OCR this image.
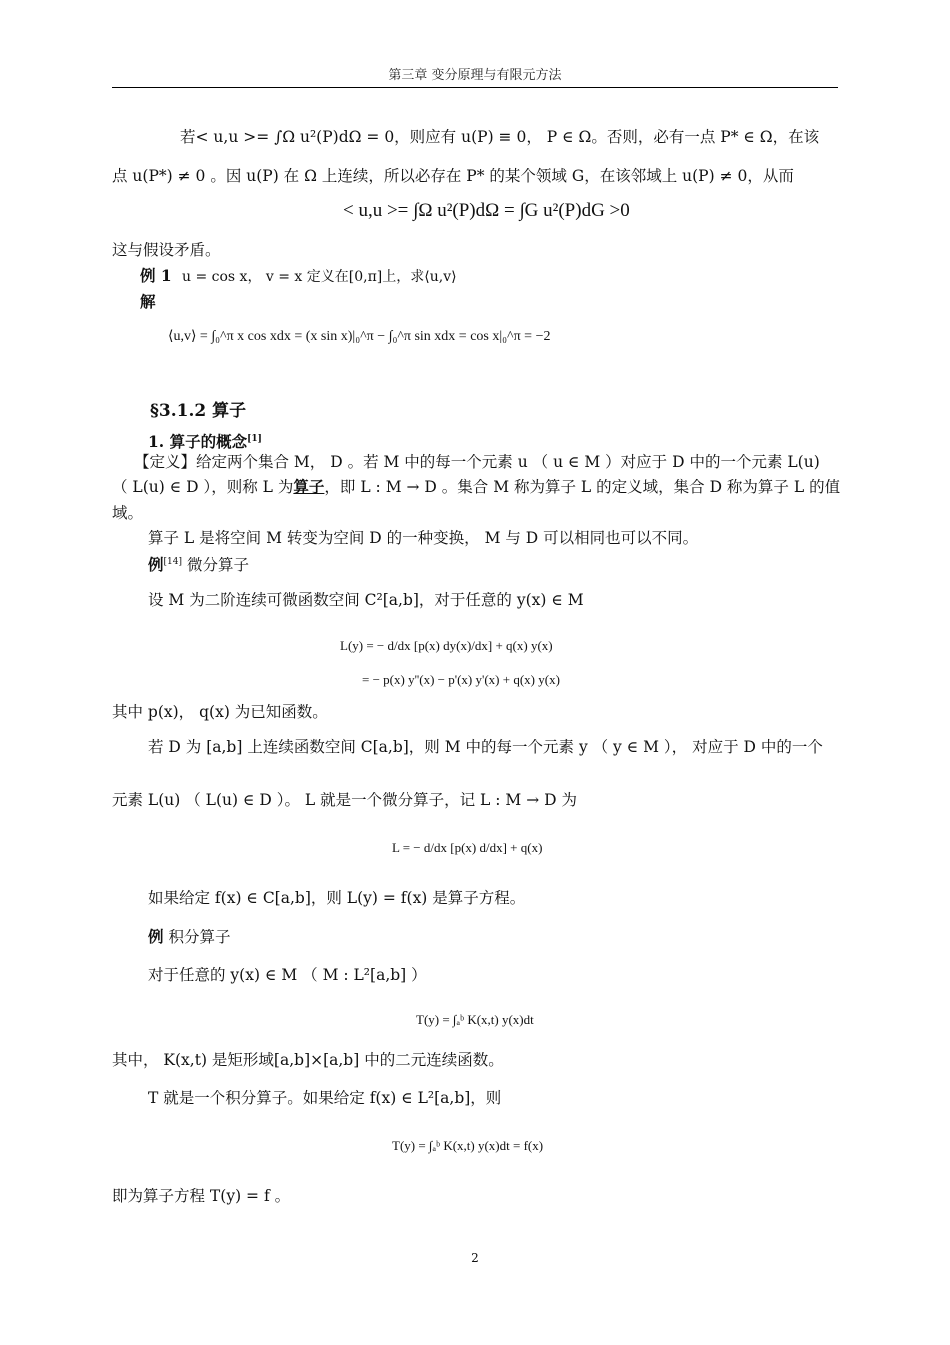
第三章 变分原理与有限元方法
若< u,u >= ∫Ω u²(P)dΩ = 0，则应有 u(P) ≡ 0， P ∈ Ω。否则，必有一点 P* ∈ Ω，在该
点 u(P*) ≠ 0 。因 u(P) 在 Ω 上连续，所以必存在 P* 的某个领域 G，在该邻域上 u(P) ≠ 0，从而
< u,u >= ∫Ω u²(P)dΩ = ∫G u²(P)dG >0
这与假设矛盾。
例 1 u = cos x， v = x 定义在[0,π]上，求⟨u,v⟩
解
⟨u,v⟩ = ∫₀^π x cos xdx = (x sin x)|₀^π − ∫₀^π sin xdx = cos x|₀^π = −2
§3.1.2 算子
1. 算子的概念[1]
【定义】给定两个集合 M， D 。若 M 中的每一个元素 u （ u ∈ M ）对应于 D 中的一个元素 L(u)
（ L(u) ∈ D ），则称 L 为算子，即 L : M → D 。集合 M 称为算子 L 的定义域，集合 D 称为算子 L 的值
域。
算子 L 是将空间 M 转变为空间 D 的一种变换， M 与 D 可以相同也可以不同。
例[14] 微分算子
设 M 为二阶连续可微函数空间 C²[a,b]，对于任意的 y(x) ∈ M
L(y) = − d/dx [p(x) dy(x)/dx] + q(x) y(x)
= − p(x) y''(x) − p'(x) y'(x) + q(x) y(x)
其中 p(x)， q(x) 为已知函数。
若 D 为 [a,b] 上连续函数空间 C[a,b]，则 M 中的每一个元素 y （ y ∈ M ）， 对应于 D 中的一个
元素 L(u) （ L(u) ∈ D ）。 L 就是一个微分算子，记 L : M → D 为
L = − d/dx [p(x) d/dx] + q(x)
如果给定 f(x) ∈ C[a,b]，则 L(y) = f(x) 是算子方程。
例 积分算子
对于任意的 y(x) ∈ M （ M : L²[a,b] ）
T(y) = ∫ₐᵇ K(x,t) y(x)dt
其中， K(x,t) 是矩形域[a,b]×[a,b] 中的二元连续函数。
T 就是一个积分算子。如果给定 f(x) ∈ L²[a,b]，则
T(y) = ∫ₐᵇ K(x,t) y(x)dt = f(x)
即为算子方程 T(y) = f 。
2
